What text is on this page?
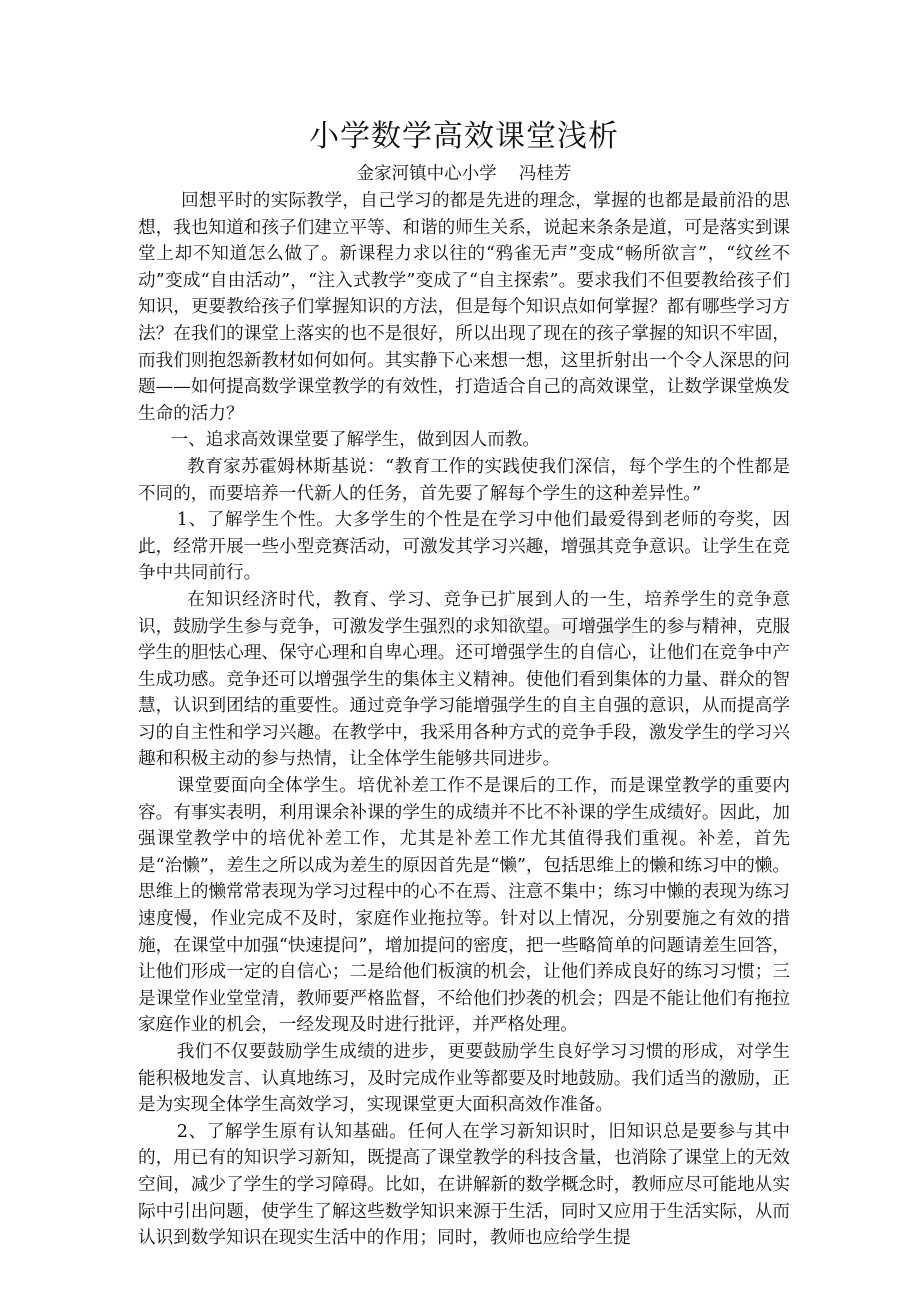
小学数学高效课堂浅析
金家河镇中心小学    冯桂芳

回想平时的实际教学，自己学习的都是先进的理念，掌握的也都是最前沿的思想，我也知道和孩子们建立平等、和谐的师生关系，说起来条条是道，可是落实到课堂上却不知道怎么做了。新课程力求以往的“鸦雀无声”变成“畅所欲言”，“纹丝不动”变成“自由活动”，“注入式教学”变成了“自主探索”。要求我们不但要教给孩子们知识，更要教给孩子们掌握知识的方法，但是每个知识点如何掌握？都有哪些学习方法？在我们的课堂上落实的也不是很好，所以出现了现在的孩子掌握的知识不牢固，而我们则抱怨新教材如何如何。其实静下心来想一想，这里折射出一个令人深思的问题——如何提高数学课堂教学的有效性，打造适合自己的高效课堂，让数学课堂焕发生命的活力？

一、追求高效课堂要了解学生，做到因人而教。

教育家苏霍姆林斯基说：“教育工作的实践使我们深信，每个学生的个性都是不同的，而要培养一代新人的任务，首先要了解每个学生的这种差异性。”

1、了解学生个性。大多学生的个性是在学习中他们最爱得到老师的夸奖，因此，经常开展一些小型竞赛活动，可激发其学习兴趣，增强其竞争意识。让学生在竞争中共同前行。

在知识经济时代，教育、学习、竞争已扩展到人的一生，培养学生的竞争意识，鼓励学生参与竞争，可激发学生强烈的求知欲望。可增强学生的参与精神，克服学生的胆怯心理、保守心理和自卑心理。还可增强学生的自信心，让他们在竞争中产生成功感。竞争还可以增强学生的集体主义精神。使他们看到集体的力量、群众的智慧，认识到团结的重要性。通过竞争学习能增强学生的自主自强的意识，从而提高学习的自主性和学习兴趣。在教学中，我采用各种方式的竞争手段，激发学生的学习兴趣和积极主动的参与热情，让全体学生能够共同进步。

课堂要面向全体学生。培优补差工作不是课后的工作，而是课堂教学的重要内容。有事实表明，利用课余补课的学生的成绩并不比不补课的学生成绩好。因此，加强课堂教学中的培优补差工作，尤其是补差工作尤其值得我们重视。补差，首先是“治懒”，差生之所以成为差生的原因首先是“懒”，包括思维上的懒和练习中的懒。思维上的懒常常表现为学习过程中的心不在焉、注意不集中；练习中懒的表现为练习速度慢，作业完成不及时，家庭作业拖拉等。针对以上情况，分别要施之有效的措施，在课堂中加强“快速提问”，增加提问的密度，把一些略简单的问题请差生回答，让他们形成一定的自信心；二是给他们板演的机会，让他们养成良好的练习习惯；三是课堂作业堂堂清，教师要严格监督，不给他们抄袭的机会；四是不能让他们有拖拉家庭作业的机会，一经发现及时进行批评，并严格处理。

我们不仅要鼓励学生成绩的进步，更要鼓励学生良好学习习惯的形成，对学生能积极地发言、认真地练习，及时完成作业等都要及时地鼓励。我们适当的激励，正是为实现全体学生高效学习，实现课堂更大面积高效作准备。

2、了解学生原有认知基础。任何人在学习新知识时，旧知识总是要参与其中的，用已有的知识学习新知，既提高了课堂教学的科技含量，也消除了课堂上的无效空间，减少了学生的学习障碍。比如，在讲解新的数学概念时，教师应尽可能地从实际中引出问题，使学生了解这些数学知识来源于生活，同时又应用于生活实际，从而认识到数学知识在现实生活中的作用；同时，教师也应给学生提
